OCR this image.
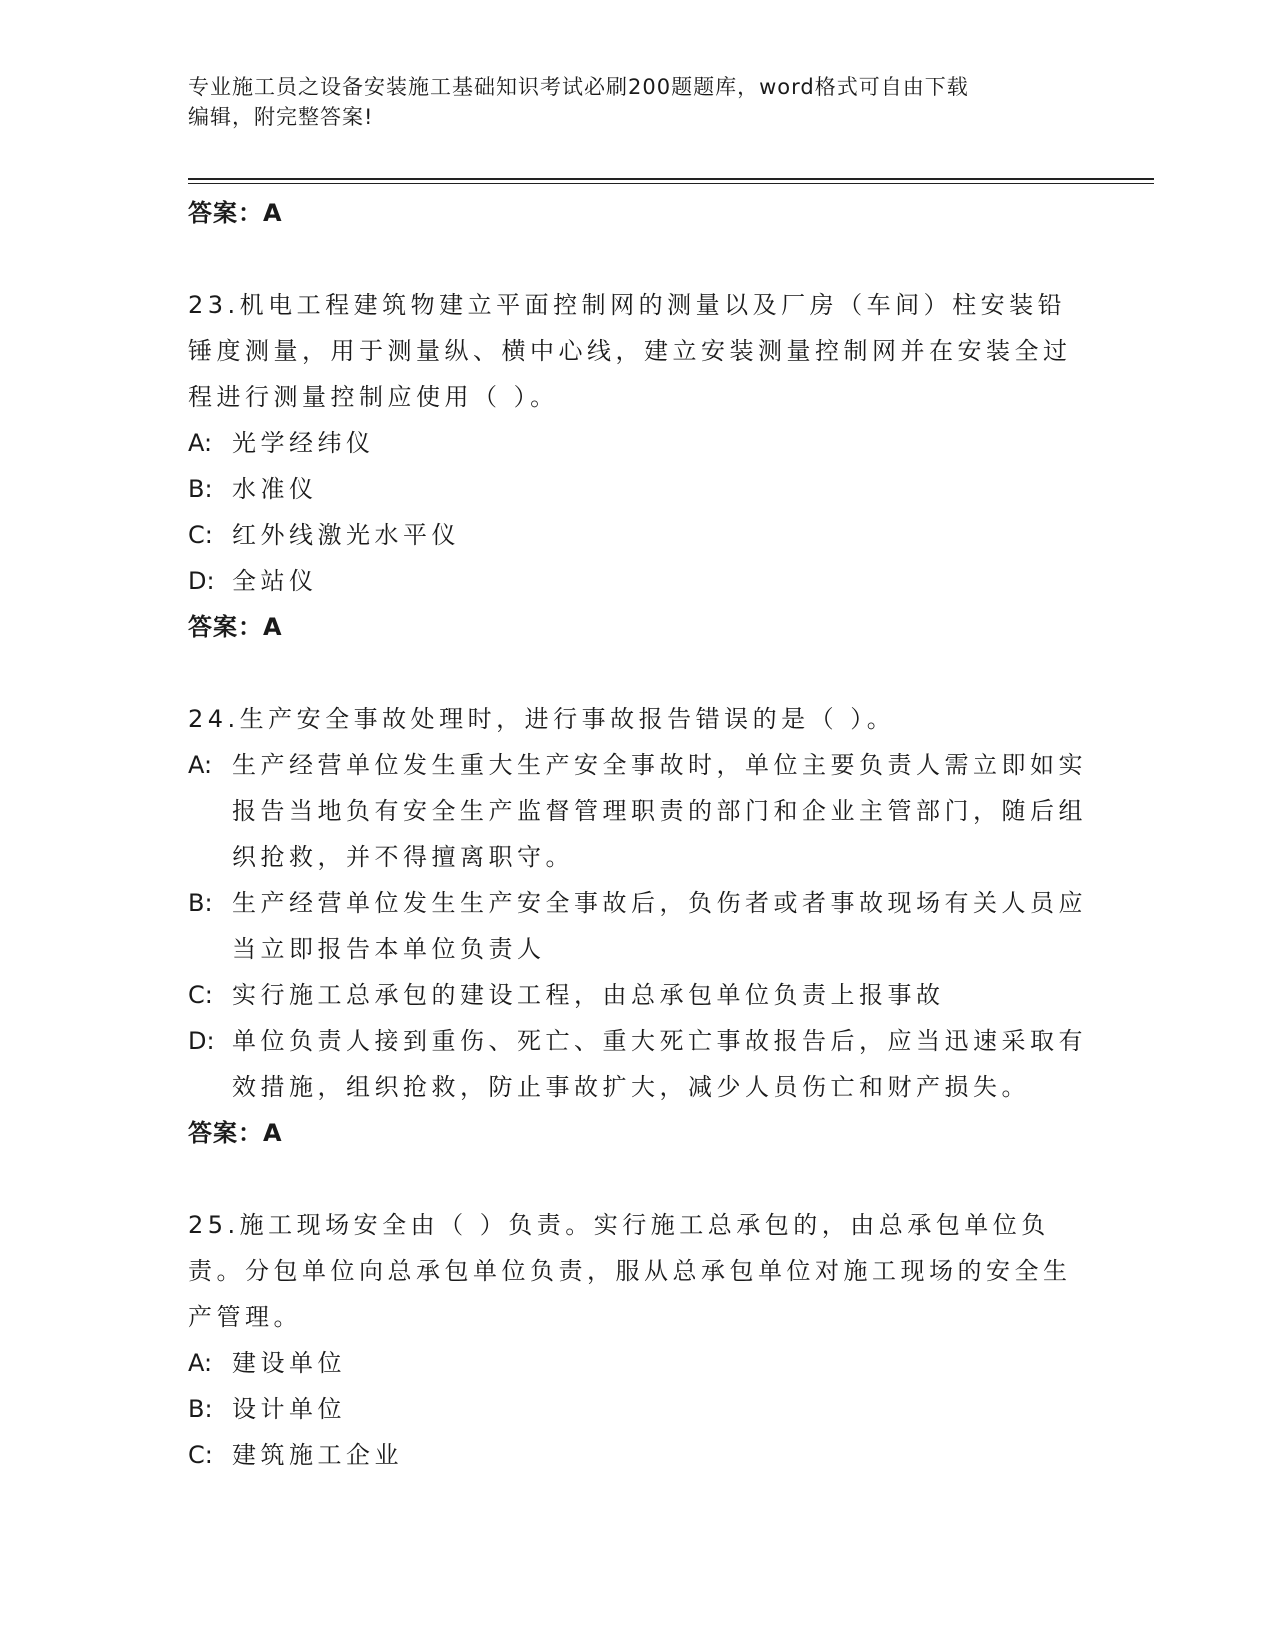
专业施工员之设备安装施工基础知识考试必刷200题题库，word格式可自由下载
编辑，附完整答案!

答案：A

23.机电工程建筑物建立平面控制网的测量以及厂房（车间）柱安装铅锤度测量，用于测量纵、横中心线，建立安装测量控制网并在安装全过程进行测量控制应使用（ ）。

A: 光学经纬仪
B: 水准仪
C: 红外线激光水平仪
D: 全站仪

答案：A

24.生产安全事故处理时，进行事故报告错误的是（ ）。

A: 生产经营单位发生重大生产安全事故时，单位主要负责人需立即如实报告当地负有安全生产监督管理职责的部门和企业主管部门，随后组织抢救，并不得擅离职守。
B: 生产经营单位发生生产安全事故后，负伤者或者事故现场有关人员应当立即报告本单位负责人
C: 实行施工总承包的建设工程，由总承包单位负责上报事故
D: 单位负责人接到重伤、死亡、重大死亡事故报告后，应当迅速采取有效措施，组织抢救，防止事故扩大，减少人员伤亡和财产损失。

答案：A

25.施工现场安全由（ ）负责。实行施工总承包的，由总承包单位负责。分包单位向总承包单位负责，服从总承包单位对施工现场的安全生产管理。

A: 建设单位
B: 设计单位
C: 建筑施工企业
